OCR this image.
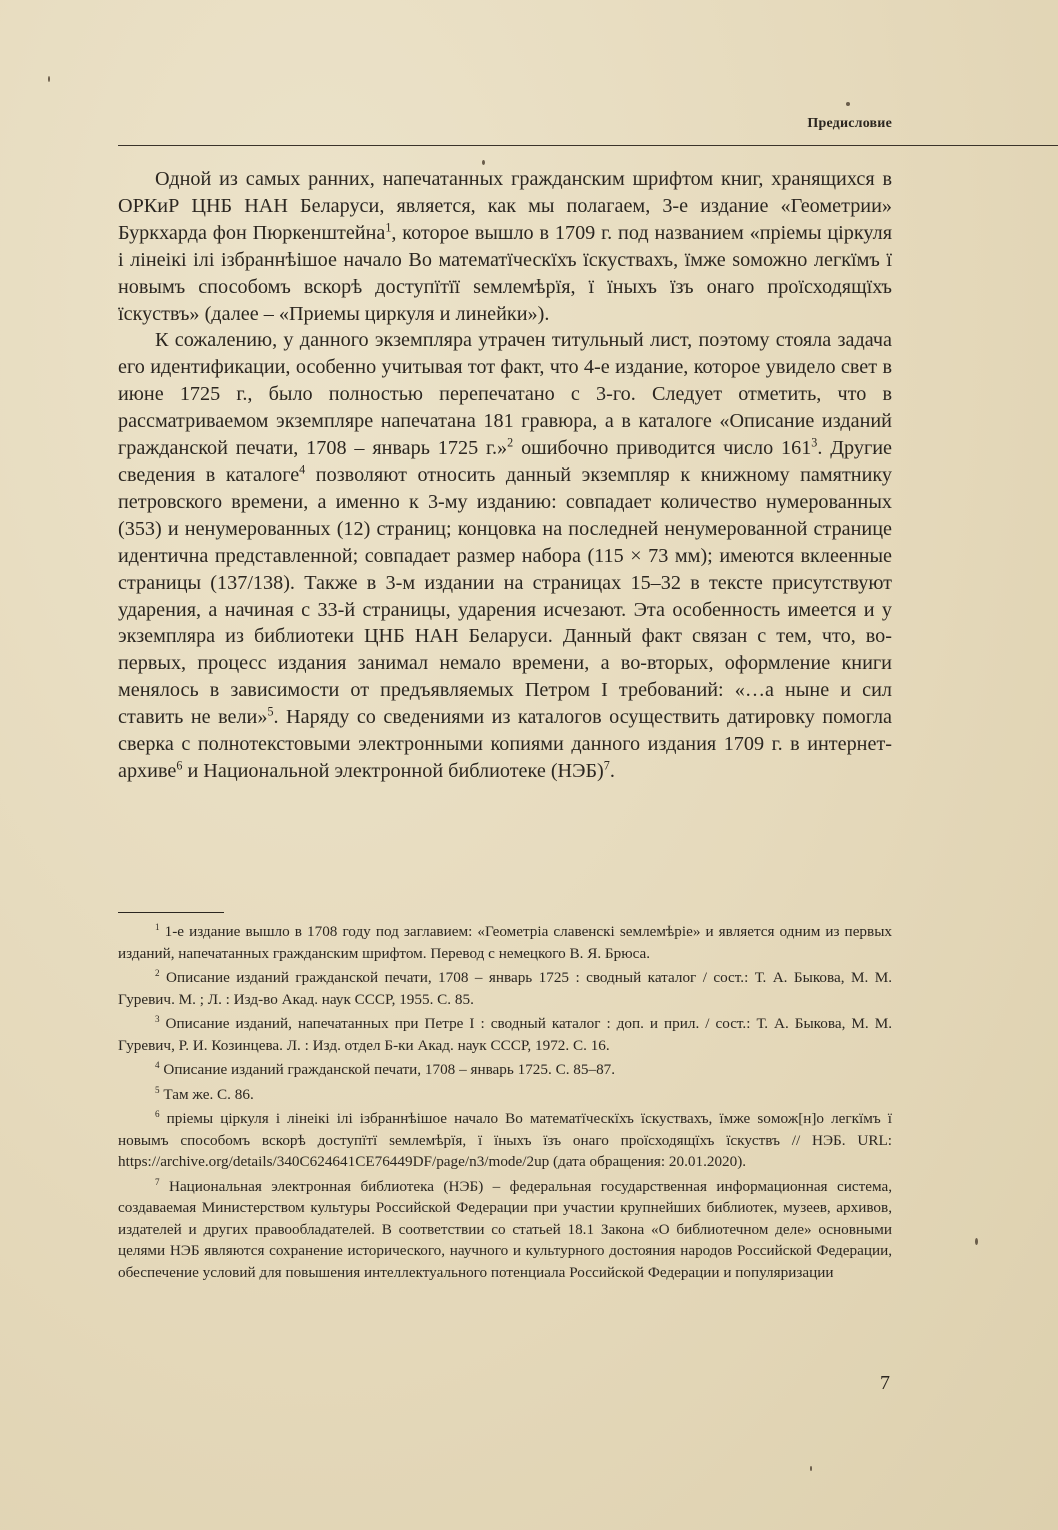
Предисловие

Одной из самых ранних, напечатанных гражданским шрифтом книг, хранящихся в ОРКиР ЦНБ НАН Беларуси, является, как мы полагаем, 3-е издание «Геометрии» Буркхарда фон Пюркенштейна$^1$, которое вышло в 1709 г. под названием «пріемы ціркуля і лінеікі ілі ізбраннѣішое начало Во математїческїхъ їскуствахъ, їмже ѕoможно легкїмъ ї новымъ способомъ вскорѣ доступїтїї ѕемлемѣрїя, ї їныхъ їзъ онаго проїсходящїхъ їскуствъ» (далее – «Приемы циркуля и линейки»).

К сожалению, у данного экземпляра утрачен титульный лист, поэтому стояла задача его идентификации, особенно учитывая тот факт, что 4-е издание, которое увидело свет в июне 1725 г., было полностью перепечатано с 3-го. Следует отметить, что в рассматриваемом экземпляре напечатана 181 гравюра, а в каталоге «Описание изданий гражданской печати, 1708 – январь 1725 г.»$^2$ ошибочно приводится число $161^3$. Другие сведения в каталоге$^4$ позволяют относить данный экземпляр к книжному памятнику петровского времени, а именно к 3-му изданию: совпадает количество нумерованных (353) и ненумерованных (12) страниц; концовка на последней ненумерованной странице идентична представленной; совпадает размер набора (115 × 73 мм); имеются вклеенные страницы (137/138). Также в 3-м издании на страницах 15–32 в тексте присутствуют ударения, а начиная с 33-й страницы, ударения исчезают. Эта особенность имеется и у экземпляра из библиотеки ЦНБ НАН Беларуси. Данный факт связан с тем, что, во-первых, процесс издания занимал немало времени, а во-вторых, оформление книги менялось в зависимости от предъявляемых Петром I требований: «…а ныне и сил ставить не вели»$^5$. Наряду со сведениями из каталогов осуществить датировку помогла сверка с полнотекстовыми электронными копиями данного издания 1709 г. в интернет-архиве$^6$ и Национальной электронной библиотеке (НЭБ)$^7$.

$^1$ 1-е издание вышло в 1708 году под заглавием: «Геометріа славенскі ѕемлемѣріе» и является одним из первых изданий, напечатанных гражданским шрифтом. Перевод с немецкого В. Я. Брюса.

$^2$ Описание изданий гражданской печати, 1708 – январь 1725 : сводный каталог / сост.: Т. А. Быкова, М. М. Гуревич. М. ; Л. : Изд-во Акад. наук СССР, 1955. С. 85.

$^3$ Описание изданий, напечатанных при Петре I : сводный каталог : доп. и прил. / сост.: Т. А. Быкова, М. М. Гуревич, Р. И. Козинцева. Л. : Изд. отдел Б-ки Акад. наук СССР, 1972. С. 16.

$^4$ Описание изданий гражданской печати, 1708 – январь 1725. С. 85–87.

$^5$ Там же. С. 86.

$^6$ пріемы ціркуля і лінеікі ілі ізбраннѣішое начало Во математїческїхъ їскуствахъ, їмже ѕoмож[н]о легкїмъ ї новымъ способомъ вскорѣ доступїтї ѕемлемѣрїя, ї їныхъ їзъ онаго проїсходящїхъ їскуствъ // НЭБ. URL: https://archive.org/details/340C624641CE76449DF/page/n3/mode/2up (дата обращения: 20.01.2020).

$^7$ Национальная электронная библиотека (НЭБ) – федеральная государственная информационная система, создаваемая Министерством культуры Российской Федерации при участии крупнейших библиотек, музеев, архивов, издателей и других правообладателей. В соответствии со статьей 18.1 Закона «О библиотечном деле» основными целями НЭБ являются сохранение исторического, научного и культурного достояния народов Российской Федерации, обеспечение условий для повышения интеллектуального потенциала Российской Федерации и популяризации

7
